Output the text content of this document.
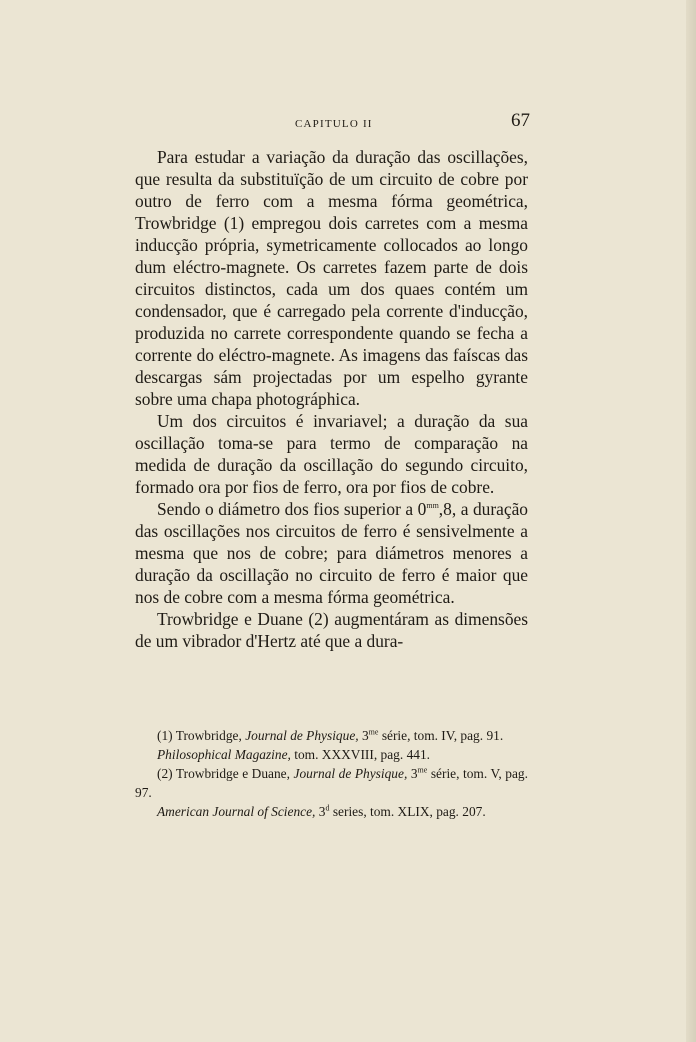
CAPITULO II	67

Para estudar a variação da duração das oscillações, que resulta da substituïção de um circuito de cobre por outro de ferro com a mesma fórma geométrica, Trowbridge (1) empregou dois carretes com a mesma inducção própria, symetricamente collocados ao longo dum eléctro-magnete. Os carretes fazem parte de dois circuitos distinctos, cada um dos quaes contém um condensador, que é carregado pela corrente d'inducção, produzida no carrete correspondente quando se fecha a corrente do eléctro-magnete. As imagens das faíscas das descargas sám projectadas por um espelho gyrante sobre uma chapa photográphica.

Um dos circuitos é invariavel; a duração da sua oscillação toma-se para termo de comparação na medida de duração da oscillação do segundo circuito, formado ora por fios de ferro, ora por fios de cobre.

Sendo o diámetro dos fios superior a $0^{mm},8$, a duração das oscillações nos circuitos de ferro é sensivelmente a mesma que nos de cobre; para diámetros menores a duração da oscillação no circuito de ferro é maior que nos de cobre com a mesma fórma geométrica.

Trowbridge e Duane (2) augmentáram as dimensões de um vibrador d'Hertz até que a dura-

(1) Trowbridge, Journal de Physique, $3^{me}$ série, tom. IV, pag. 91.

Philosophical Magazine, tom. XXXVIII, pag. 441.

(2) Trowbridge e Duane, Journal de Physique, $3^{me}$ série, tom. V, pag. 97.

American Journal of Science, 3$^d$ series, tom. XLIX, pag. 207.
